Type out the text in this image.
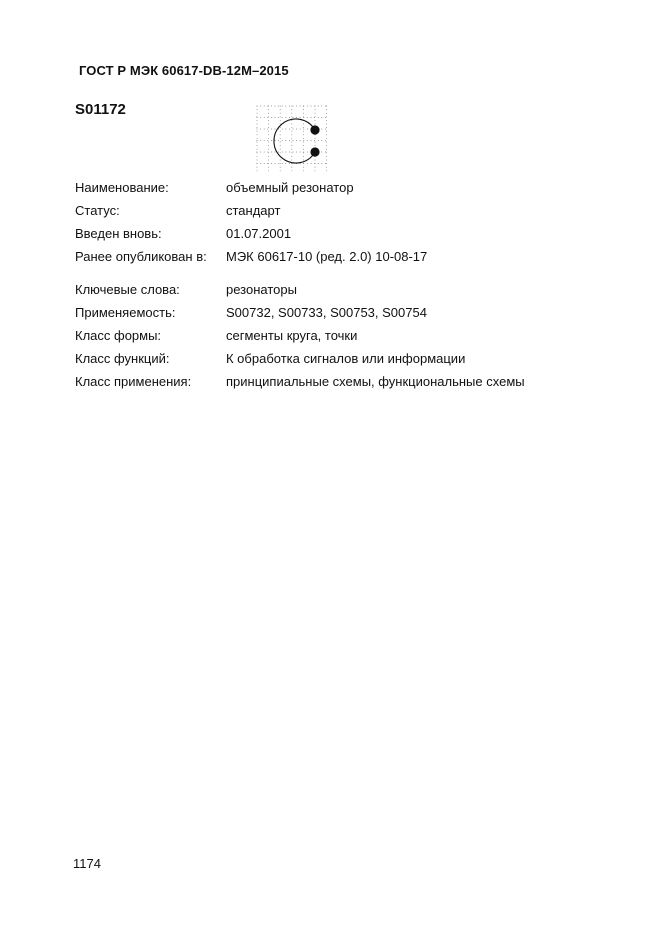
ГОСТ Р МЭК 60617-DB-12M–2015
S01172
Наименование:	объемный резонатор
Статус:	стандарт
Введен вновь:	01.07.2001
Ранее опубликован в: МЭК 60617-10 (ред. 2.0) 10-08-17
Ключевые слова:	резонаторы
Применяемость:	S00732, S00733, S00753, S00754
Класс формы:	сегменты круга, точки
Класс функций:	К обработка сигналов или информации
Класс применения:	принципиальные схемы, функциональные схемы
1174
